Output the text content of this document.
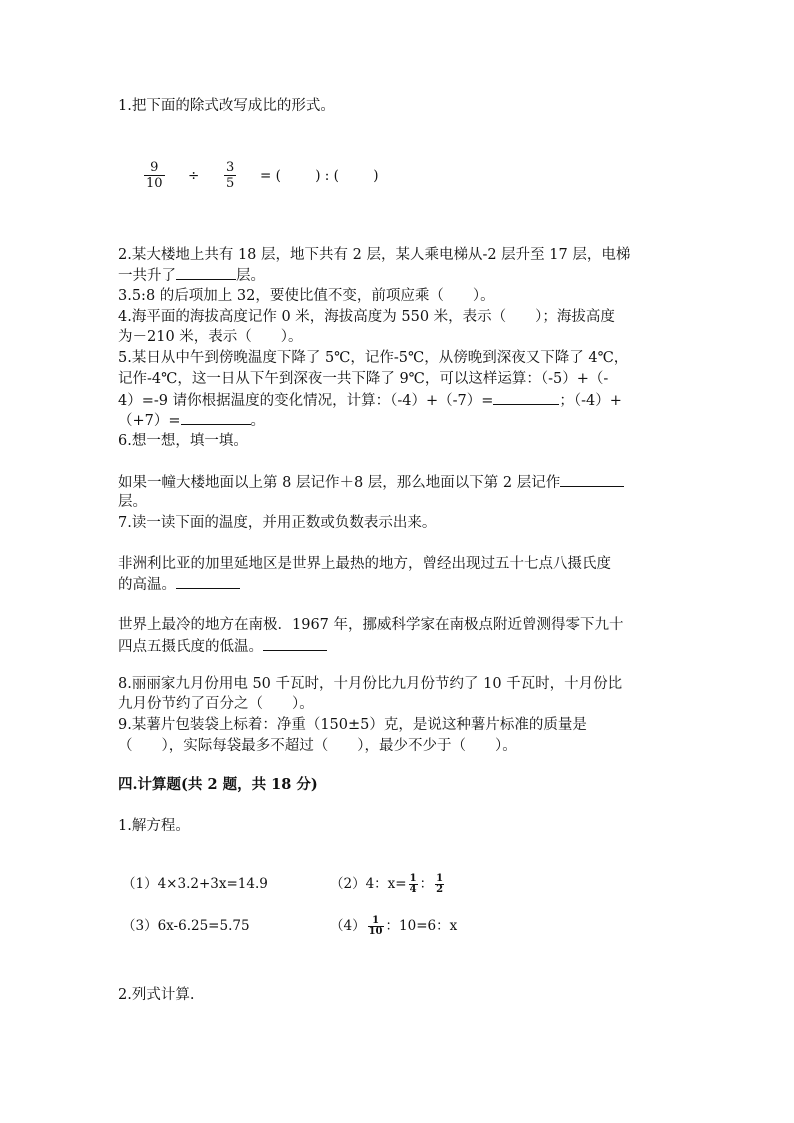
1.把下面的除式改写成比的形式。
$\frac{9}{10} \div \frac{3}{5}$ = (        ) : (        )
2.某大楼地上共有 18 层，地下共有 2 层，某人乘电梯从-2 层升至 17 层，电梯
一共升了	层。
3.5:8 的后项加上 32，要使比值不变，前项应乘（　　）。
4.海平面的海拔高度记作 0 米，海拔高度为 550 米，表示（　　）；海拔高度
为－210 米，表示（　　）。
5.某日从中午到傍晚温度下降了 5℃，记作-5℃，从傍晚到深夜又下降了 4℃，
记作-4℃，这一日从下午到深夜一共下降了 9℃，可以这样运算：（-5）+（-
4）=-9 请你根据温度的变化情况，计算：（-4）+（-7）=	；（-4）+
（+7）=	。
6.想一想，填一填。
如果一幢大楼地面以上第 8 层记作＋8 层，那么地面以下第 2 层记作
层。
7.读一读下面的温度，并用正数或负数表示出来。
非洲利比亚的加里延地区是世界上最热的地方，曾经出现过五十七点八摄氏度
的高温。
世界上最冷的地方在南极．1967 年，挪威科学家在南极点附近曾测得零下九十
四点五摄氏度的低温。
8.丽丽家九月份用电 50 千瓦时，十月份比九月份节约了 10 千瓦时，十月份比
九月份节约了百分之（　　）。
9.某薯片包装袋上标着：净重（150±5）克，是说这种薯片标准的质量是
（　　），实际每袋最多不超过（　　），最少不少于（　　）。
四.计算题(共 2 题，共 18 分)
1.解方程。
（1）4×3.2+3x=14.9	（2）4：$x= \frac{1}{4}$ ： $\frac{1}{2}$
（3）6x-6.25=5.75	$(4) \frac{1}{10}$ ：10=6：x
2.列式计算.
